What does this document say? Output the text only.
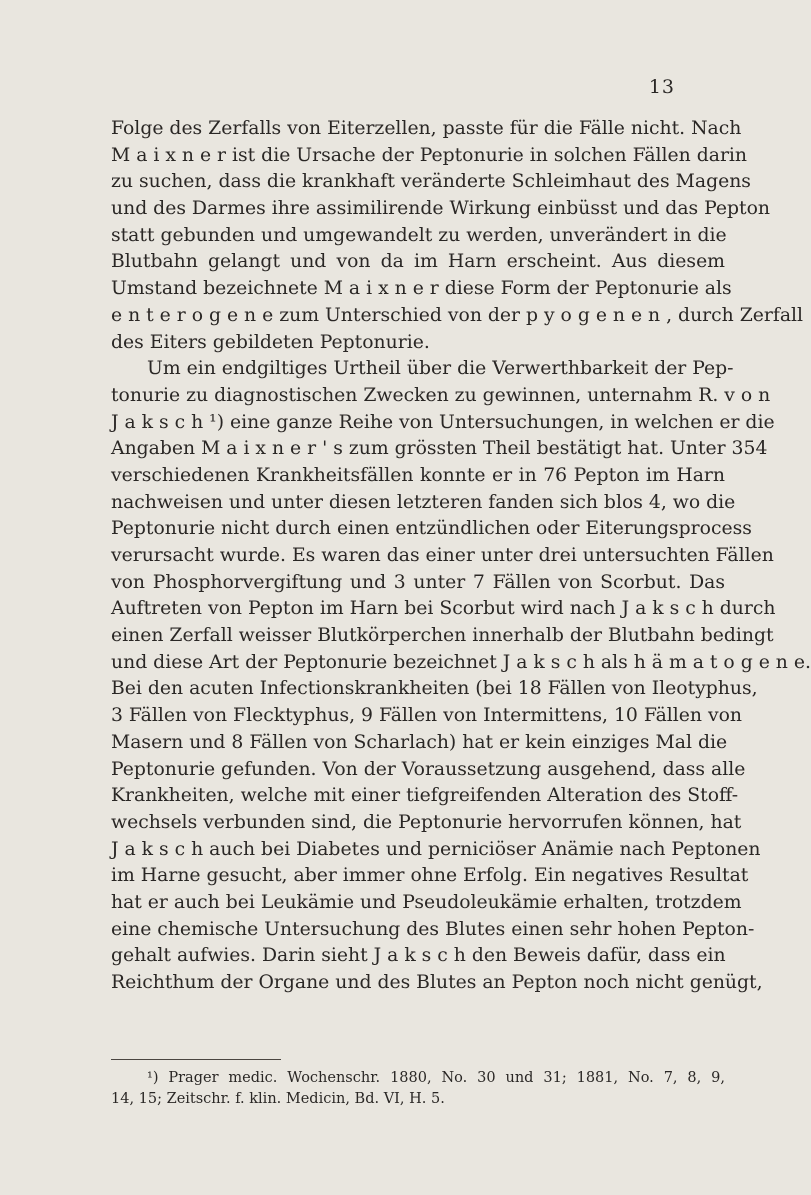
13
Folge des Zerfalls von Eiterzellen, passte für die Fälle nicht. Nach
M a i x n e r ist die Ursache der Peptonurie in solchen Fällen darin
zu suchen, dass die krankhaft veränderte Schleimhaut des Magens
und des Darmes ihre assimilirende Wirkung einbüsst und das Pepton
statt gebunden und umgewandelt zu werden, unverändert in die
Blutbahn gelangt und von da im Harn erscheint. Aus diesem
Umstand bezeichnete M a i x n e r diese Form der Peptonurie als
e n t e r o g e n e zum Unterschied von der p y o g e n e n , durch Zerfall
des Eiters gebildeten Peptonurie.
Um ein endgiltiges Urtheil über die Verwerthbarkeit der Pep-
tonurie zu diagnostischen Zwecken zu gewinnen, unternahm R. v o n
J a k s c h ¹) eine ganze Reihe von Untersuchungen, in welchen er die
Angaben M a i x n e r ' s zum grössten Theil bestätigt hat. Unter 354
verschiedenen Krankheitsfällen konnte er in 76 Pepton im Harn
nachweisen und unter diesen letzteren fanden sich blos 4, wo die
Peptonurie nicht durch einen entzündlichen oder Eiterungsprocess
verursacht wurde. Es waren das einer unter drei untersuchten Fällen
von Phosphorvergiftung und 3 unter 7 Fällen von Scorbut. Das
Auftreten von Pepton im Harn bei Scorbut wird nach J a k s c h durch
einen Zerfall weisser Blutkörperchen innerhalb der Blutbahn bedingt
und diese Art der Peptonurie bezeichnet J a k s c h als h ä m a t o g e n e.
Bei den acuten Infectionskrankheiten (bei 18 Fällen von Ileotyphus,
3 Fällen von Flecktyphus, 9 Fällen von Intermittens, 10 Fällen von
Masern und 8 Fällen von Scharlach) hat er kein einziges Mal die
Peptonurie gefunden. Von der Voraussetzung ausgehend, dass alle
Krankheiten, welche mit einer tiefgreifenden Alteration des Stoff-
wechsels verbunden sind, die Peptonurie hervorrufen können, hat
J a k s c h auch bei Diabetes und perniciöser Anämie nach Peptonen
im Harne gesucht, aber immer ohne Erfolg. Ein negatives Resultat
hat er auch bei Leukämie und Pseudoleukämie erhalten, trotzdem
eine chemische Untersuchung des Blutes einen sehr hohen Pepton-
gehalt aufwies. Darin sieht J a k s c h den Beweis dafür, dass ein
Reichthum der Organe und des Blutes an Pepton noch nicht genügt,
¹) Prager medic. Wochenschr. 1880, No. 30 und 31; 1881, No. 7, 8, 9,
14, 15; Zeitschr. f. klin. Medicin, Bd. VI, H. 5.
